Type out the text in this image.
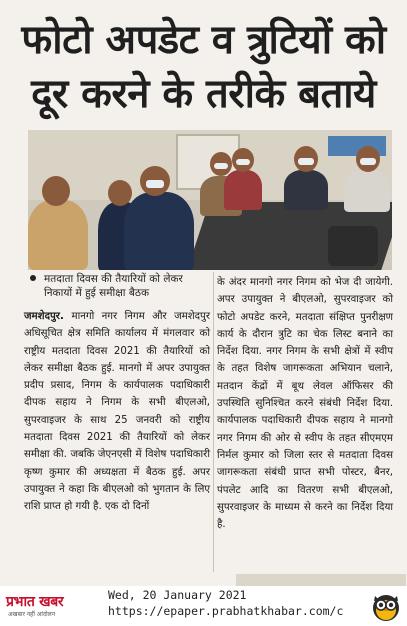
फोटो अपडेट व त्रुटियों को
दूर करने के तरीके बताये
मतदाता दिवस की तैयारियों को लेकर निकायों में हुई समीक्षा बैठक
जमशेदपुर. मानगो नगर निगम और जमशेदपुर अधिसूचित क्षेत्र समिति कार्यालय में मंगलवार को राष्ट्रीय मतदाता दिवस 2021 की तैयारियों को लेकर समीक्षा बैठक हुई. मानगो में अपर उपायुक्त प्रदीप प्रसाद, निगम के कार्यपालक पदाधिकारी दीपक सहाय ने निगम के सभी बीएलओ, सुपरवाइजर के साथ 25 जनवरी को राष्ट्रीय मतदाता दिवस 2021 की तैयारियों को लेकर समीक्षा की. जबकि जेएनएसी में विशेष पदाधिकारी कृष्ण कुमार की अध्यक्षता में बैठक हुई. अपर उपायुक्त ने कहा कि बीएलओ को भुगतान के लिए राशि प्राप्त हो गयी है. एक दो दिनों
के अंदर मानगो नगर निगम को भेज दी जायेगी. अपर उपायुक्त ने बीएलओ, सुपरवाइजर को फोटो अपडेट करने, मतदाता संक्षिप्त पुनरीक्षण कार्य के दौरान त्रुटि का चेक लिस्ट बनाने का निर्देश दिया. नगर निगम के सभी क्षेत्रों में स्वीप के तहत विशेष जागरूकता अभियान चलाने, मतदान केंद्रों में बूथ लेवल ऑफिसर की उपस्थिति सुनिश्चित करने संबंधी निर्देश दिया. कार्यपालक पदाधिकारी दीपक सहाय ने मानगो नगर निगम की ओर से स्वीप के तहत सीएमएम निर्मल कुमार को जिला स्तर से मतदाता दिवस जागरूकता संबंधी प्राप्त सभी पोस्टर, बैनर, पंपलेट आदि का वितरण सभी बीएलओ, सुपरवाइजर के माध्यम से करने का निर्देश दिया है.
प्रभात खबर
अखबार नहीं आंदोलन
Wed, 20 January 2021
https://epaper.prabhatkhabar.com/c
